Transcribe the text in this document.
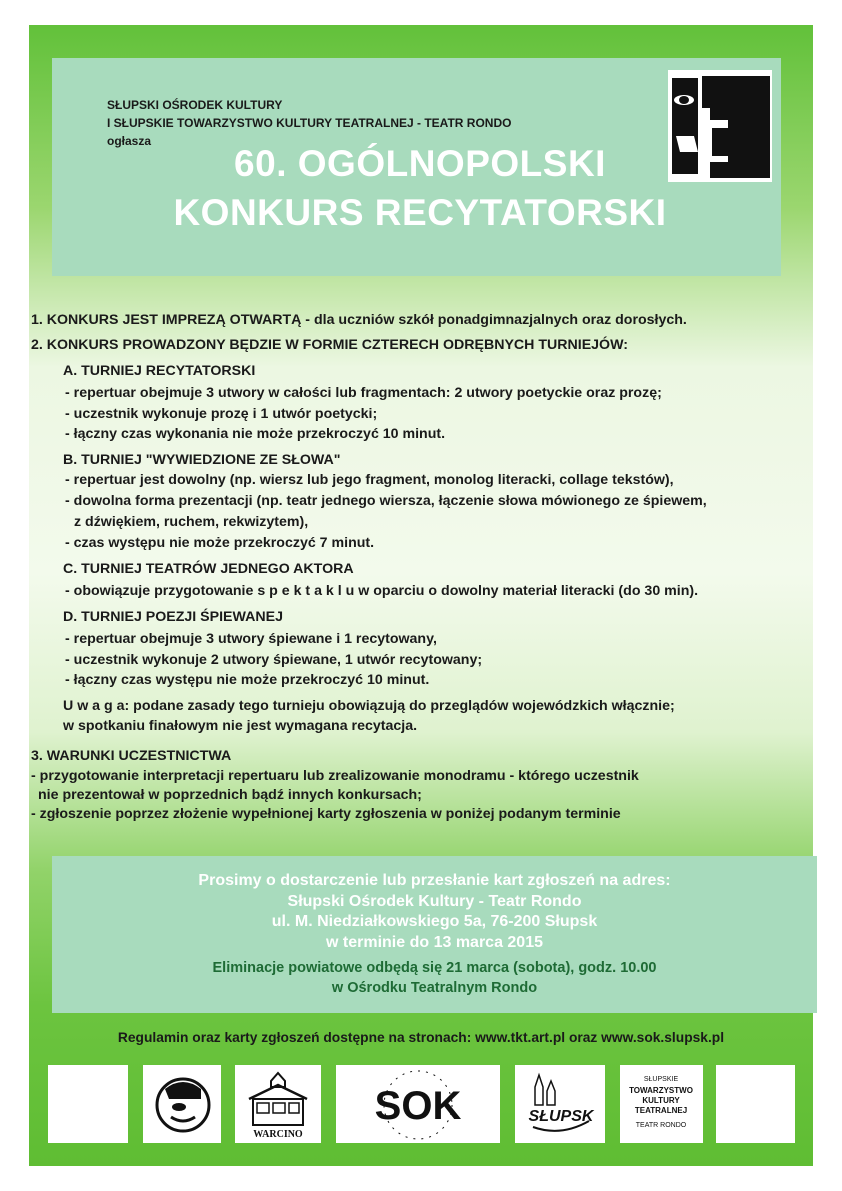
SŁUPSKI OŚRODEK KULTURY
I SŁUPSKIE TOWARZYSTWO KULTURY TEATRALNEJ - TEATR RONDO
ogłasza
60. OGÓLNOPOLSKI
KONKURS RECYTATORSKI
1. KONKURS JEST IMPREZĄ OTWARTĄ - dla uczniów szkół ponadgimnazjalnych oraz dorosłych.
2. KONKURS PROWADZONY BĘDZIE W FORMIE CZTERECH ODRĘBNYCH TURNIEJÓW:
A. TURNIEJ RECYTATORSKI
- repertuar obejmuje 3 utwory w całości lub fragmentach: 2 utwory poetyckie oraz prozę;
- uczestnik wykonuje prozę i 1 utwór poetycki;
- łączny czas wykonania nie może przekroczyć 10 minut.
B. TURNIEJ "WYWIEDZIONE ZE SŁOWA"
- repertuar jest dowolny (np. wiersz lub jego fragment, monolog literacki, collage tekstów),
- dowolna forma prezentacji (np. teatr jednego wiersza, łączenie słowa mówionego ze śpiewem,
z dźwiękiem, ruchem, rekwizytem),
- czas występu nie może przekroczyć 7 minut.
C. TURNIEJ TEATRÓW JEDNEGO AKTORA
- obowiązuje przygotowanie s p e k t a k l u w oparciu o dowolny materiał literacki (do 30 min).
D. TURNIEJ POEZJI ŚPIEWANEJ
- repertuar obejmuje 3 utwory śpiewane i 1 recytowany,
- uczestnik wykonuje 2 utwory śpiewane, 1 utwór recytowany;
- łączny czas występu nie może przekroczyć 10 minut.
U w a g a: podane zasady tego turnieju obowiązują do przeglądów wojewódzkich włącznie;
w spotkaniu finałowym nie jest wymagana recytacja.
3. WARUNKI UCZESTNICTWA
- przygotowanie interpretacji repertuaru lub zrealizowanie monodramu - którego uczestnik
nie prezentował w poprzednich bądź innych konkursach;
- zgłoszenie poprzez złożenie wypełnionej karty zgłoszenia w poniżej podanym terminie
Prosimy o dostarczenie lub przesłanie kart zgłoszeń na adres:
Słupski Ośrodek Kultury - Teatr Rondo
ul. M. Niedziałkowskiego 5a, 76-200 Słupsk
w terminie do 13 marca 2015
Eliminacje powiatowe odbędą się 21 marca (sobota), godz. 10.00
w Ośrodku Teatralnym Rondo
Regulamin oraz karty zgłoszeń dostępne na stronach: www.tkt.art.pl oraz www.sok.slupsk.pl
WARCINO
SOK	SŁUPSK
SŁUPSKIE
TOWARZYSTWO
KULTURY
TEATRALNEJ
TEATR RONDO
